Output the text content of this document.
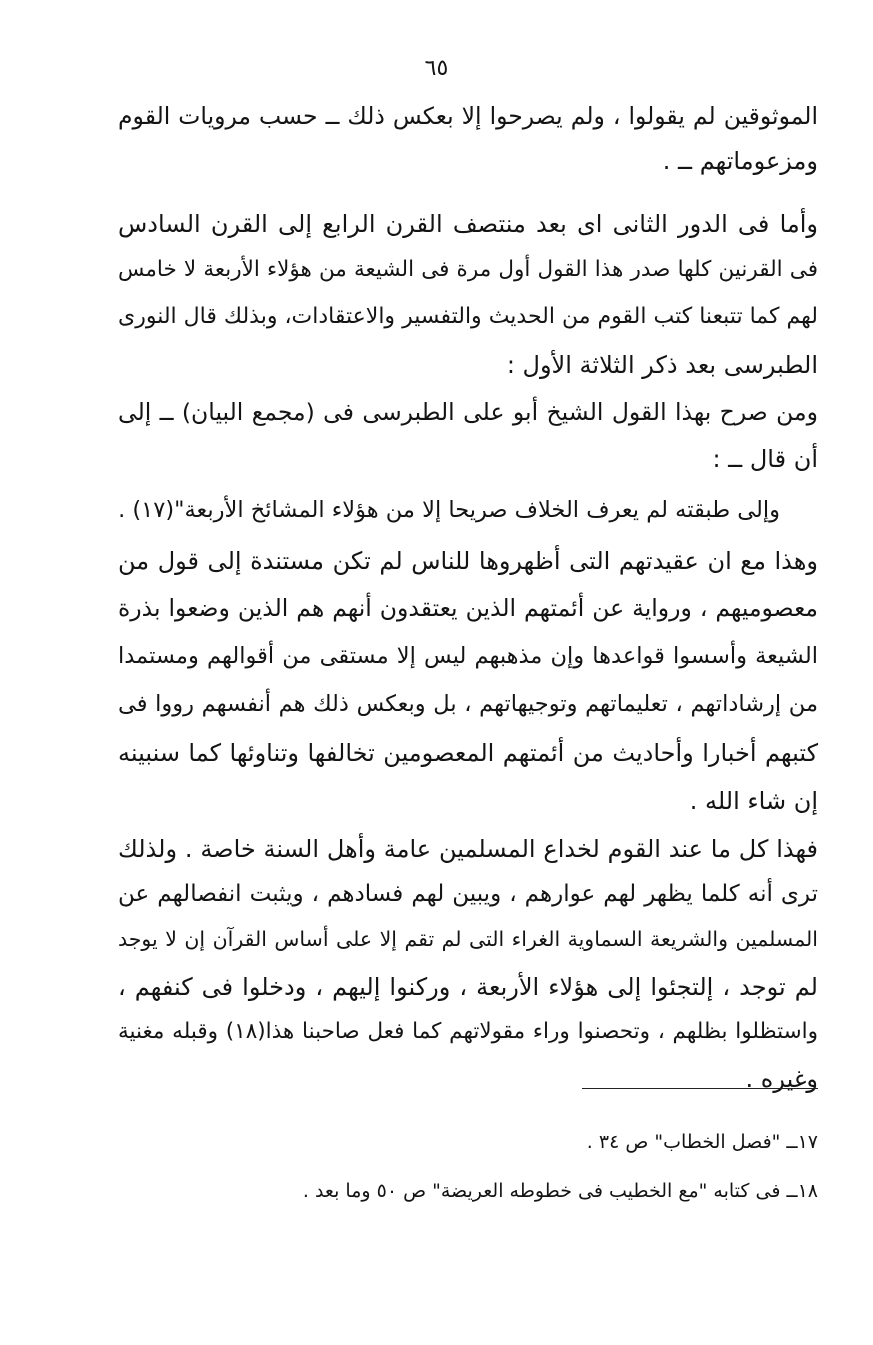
٦٥
الموثوقين لم يقولوا ، ولم يصرحوا إلا بعكس ذلك ــ حسب مرويات القوم
ومزعوماتهم ــ .
وأما فى الدور الثانى اى بعد منتصف القرن الرابع إلى القرن السادس
فى القرنين كلها صدر هذا القول أول مرة فى الشيعة من هؤلاء الأربعة لا خامس
لهم كما تتبعنا كتب القوم من الحديث والتفسير والاعتقادات، وبذلك قال النورى
الطبرسى بعد ذكر الثلاثة الأول :
ومن صرح بهذا القول الشيخ أبو على الطبرسى فى (مجمع البيان) ــ إلى
أن قال ــ :
وإلى طبقته لم يعرف الخلاف صريحا إلا من هؤلاء المشائخ الأربعة"(١٧) .
وهذا مع ان عقيدتهم التى أظهروها للناس لم تكن مستندة إلى قول من
معصوميهم ، ورواية عن أئمتهم الذين يعتقدون أنهم هم الذين وضعوا بذرة
الشيعة وأسسوا قواعدها وإن مذهبهم ليس إلا مستقى من أقوالهم ومستمدا
من إرشاداتهم ، تعليماتهم وتوجيهاتهم ، بل وبعكس ذلك هم أنفسهم رووا فى
كتبهم أخبارا وأحاديث من أئمتهم المعصومين تخالفها وتناوئها كما سنبينه
إن شاء الله .
فهذا كل ما عند القوم لخداع المسلمين عامة وأهل السنة خاصة . ولذلك
ترى أنه كلما يظهر لهم عوارهم ، ويبين لهم فسادهم ، ويثبت انفصالهم عن
المسلمين والشريعة السماوية الغراء التى لم تقم إلا على أساس القرآن إن لا يوجد
لم توجد ، إلتجئوا إلى هؤلاء الأربعة ، وركنوا إليهم ، ودخلوا فى كنفهم ،
واستظلوا بظلهم ، وتحصنوا وراء مقولاتهم كما فعل صاحبنا هذا(١٨) وقبله مغنية
وغيره .
١٧ــ "فصل الخطاب" ص ٣٤ .
١٨ــ فى كتابه "مع الخطيب فى خطوطه العريضة" ص ٥٠ وما بعد .
